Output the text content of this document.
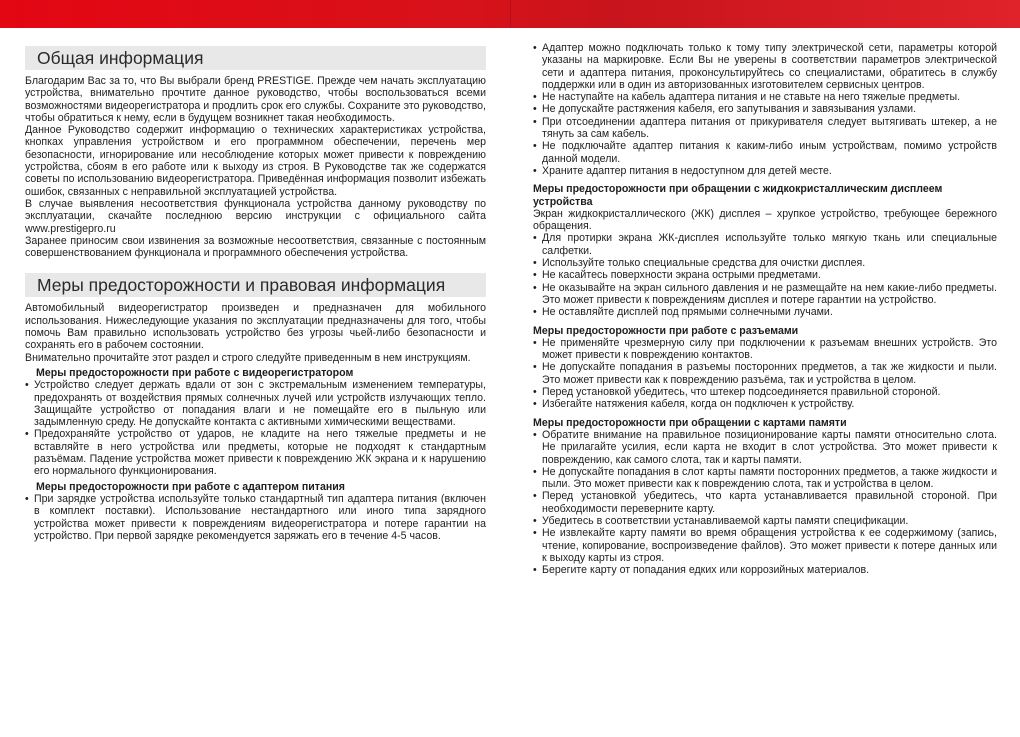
Общая информация

Благодарим Вас за то, что Вы выбрали бренд PRESTIGE. Прежде чем начать эксплуатацию устройства, внимательно прочтите данное руководство, чтобы воспользоваться всеми возможностями видеорегистратора и продлить срок его службы. Сохраните это руководство, чтобы обратиться к нему, если в будущем возникнет такая необходимость.

Данное Руководство содержит информацию о технических характеристиках устройства, кнопках управления устройством и его программном обеспечении, перечень мер безопасности, игнорирование или несоблюдение которых может привести к повреждению устройства, сбоям в его работе или к выходу из строя. В Руководстве так же содержатся советы по использованию видеорегистратора. Приведённая информация позволит избежать ошибок, связанных с неправильной эксплуатацией устройства.

В случае выявления несоответствия функционала устройства данному руководству по эксплуатации, скачайте последнюю версию инструкции с официального сайта www.prestigepro.ru

Заранее приносим свои извинения за возможные несоответствия, связанные с постоянным совершенствованием функционала и программного обеспечения устройства.

Меры предосторожности и правовая информация

Автомобильный видеорегистратор произведен и предназначен для мобильного использования. Нижеследующие указания по эксплуатации предназначены для того, чтобы помочь Вам правильно использовать устройство без угрозы чьей-либо безопасности и сохранять его в рабочем состоянии.

Внимательно прочитайте этот раздел и строго следуйте приведенным в нем инструкциям.

Меры предосторожности при работе с видеорегистратором
• Устройство следует держать вдали от зон с экстремальным изменением температуры, предохранять от воздействия прямых солнечных лучей или устройств излучающих тепло. Защищайте устройство от попадания влаги и не помещайте его в пыльную или задымленную среду. Не допускайте контакта с активными химическими веществами.
• Предохраняйте устройство от ударов, не кладите на него тяжелые предметы и не вставляйте в него устройства или предметы, которые не подходят к стандартным разъёмам. Падение устройства может привести к повреждению ЖК экрана и к нарушению его нормального функционирования.
Меры предосторожности при работе с адаптером питания
• При зарядке устройства используйте только стандартный тип адаптера питания (включен в комплект поставки). Использование нестандартного или иного типа зарядного устройства может привести к повреждениям видеорегистратора и потере гарантии на устройство. При первой зарядке рекомендуется заряжать его в течение 4-5 часов.
• Адаптер можно подключать только к тому типу электрической сети, параметры которой указаны на маркировке. Если Вы не уверены в соответствии параметров электрической сети и адаптера питания, проконсультируйтесь со специалистами, обратитесь в службу поддержки или в один из авторизованных изготовителем сервисных центров.
• Не наступайте на кабель адаптера питания и не ставьте на него тяжелые предметы.
• Не допускайте растяжения кабеля, его запутывания и завязывания узлами.
• При отсоединении адаптера питания от прикуривателя следует вытягивать штекер, а не тянуть за сам кабель.
• Не подключайте адаптер питания к каким-либо иным устройствам, помимо устройств данной модели.
• Храните адаптер питания в недоступном для детей месте.
Меры предосторожности при обращении с жидкокристаллическим дисплеем устройства

Экран жидкокристаллического (ЖК) дисплея – хрупкое устройство, требующее бережного обращения.

• Для протирки экрана ЖК-дисплея используйте только мягкую ткань или специальные салфетки.
• Используйте только специальные средства для очистки дисплея.
• Не касайтесь поверхности экрана острыми предметами.
• Не оказывайте на экран сильного давления и не размещайте на нем какие-либо предметы. Это может привести к повреждениям дисплея и потере гарантии на устройство.
• Не оставляйте дисплей под прямыми солнечными лучами.
Меры предосторожности при работе с разъемами
• Не применяйте чрезмерную силу при подключении к разъемам внешних устройств. Это может привести к повреждению контактов.
• Не допускайте попадания в разъемы посторонних предметов, а так же жидкости и пыли. Это может привести как к повреждению разъёма, так и устройства в целом.
• Перед установкой убедитесь, что штекер подсоединяется правильной стороной.
• Избегайте натяжения кабеля, когда он подключен к устройству.
Меры предосторожности при обращении с картами памяти
• Обратите внимание на правильное позиционирование карты памяти относительно слота. Не прилагайте усилия, если карта не входит в слот устройства. Это может привести к повреждению, как самого слота, так и карты памяти.
• Не допускайте попадания в слот карты памяти посторонних предметов, а также жидкости и пыли. Это может привести как к повреждению слота, так и устройства в целом.
• Перед установкой убедитесь, что карта устанавливается правильной стороной. При необходимости переверните карту.
• Убедитесь в соответствии устанавливаемой карты памяти спецификации.
• Не извлекайте карту памяти во время обращения устройства к ее содержимому (запись, чтение, копирование, воспроизведение файлов). Это может привести к потере данных или к выходу карты из строя.
• Берегите карту от попадания едких или коррозийных материалов.
